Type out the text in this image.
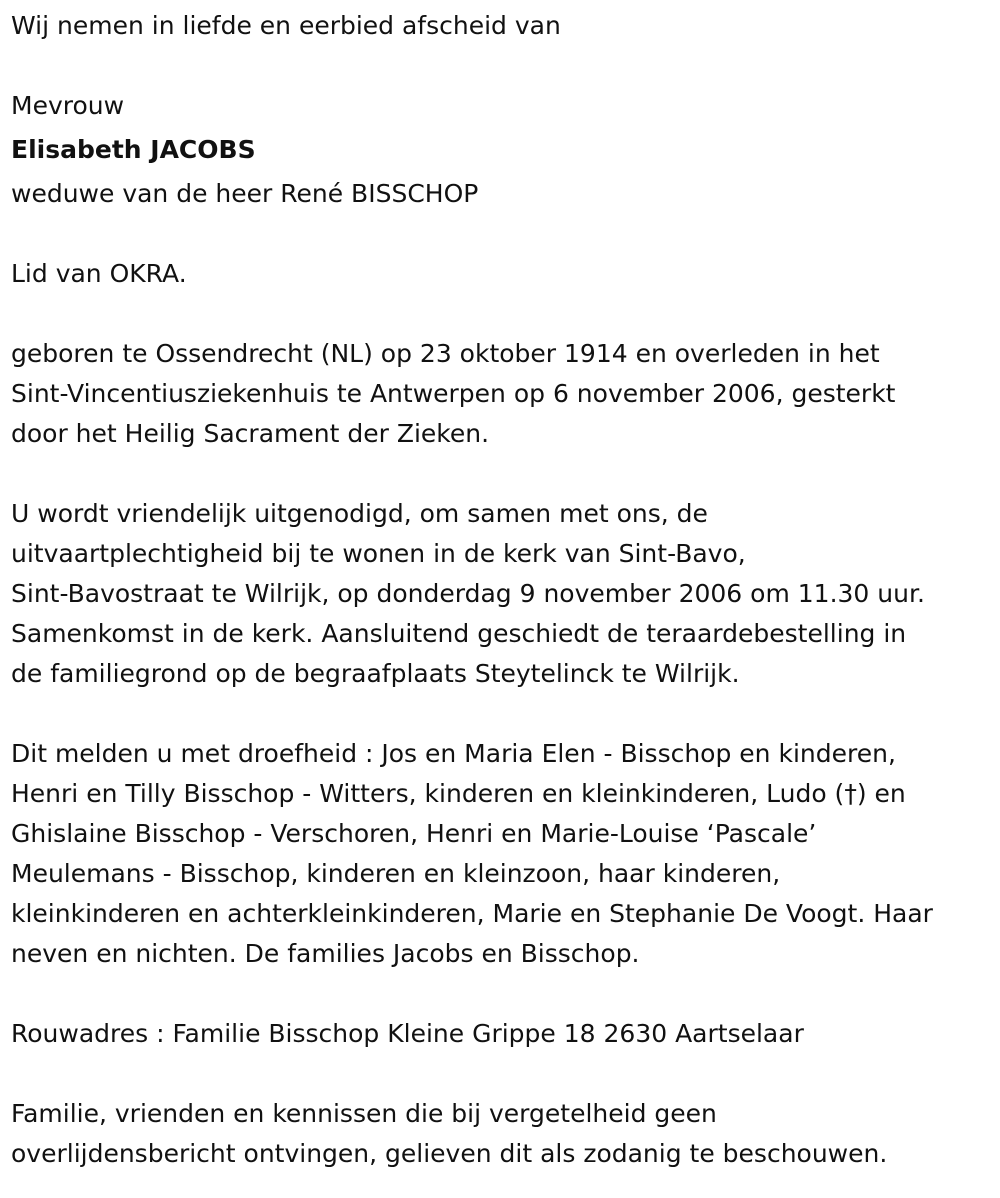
Wij nemen in liefde en eerbied afscheid van

Mevrouw

Elisabeth JACOBS

weduwe van de heer René BISSCHOP

Lid van OKRA.

geboren te Ossendrecht (NL) op 23 oktober 1914 en overleden in het
Sint-Vincentiusziekenhuis te Antwerpen op 6 november 2006, gesterkt
door het Heilig Sacrament der Zieken.

U wordt vriendelijk uitgenodigd, om samen met ons, de
uitvaartplechtigheid bij te wonen in de kerk van Sint-Bavo,
Sint-Bavostraat te Wilrijk, op donderdag 9 november 2006 om 11.30 uur.
Samenkomst in de kerk. Aansluitend geschiedt de teraardebestelling in
de familiegrond op de begraafplaats Steytelinck te Wilrijk.

Dit melden u met droefheid : Jos en Maria Elen - Bisschop en kinderen,
Henri en Tilly Bisschop - Witters, kinderen en kleinkinderen, Ludo (†) en
Ghislaine Bisschop - Verschoren, Henri en Marie-Louise ‘Pascale’
Meulemans - Bisschop, kinderen en kleinzoon, haar kinderen,
kleinkinderen en achterkleinkinderen, Marie en Stephanie De Voogt. Haar
neven en nichten. De families Jacobs en Bisschop.

Rouwadres : Familie Bisschop Kleine Grippe 18 2630 Aartselaar

Familie, vrienden en kennissen die bij vergetelheid geen
overlijdensbericht ontvingen, gelieven dit als zodanig te beschouwen.
